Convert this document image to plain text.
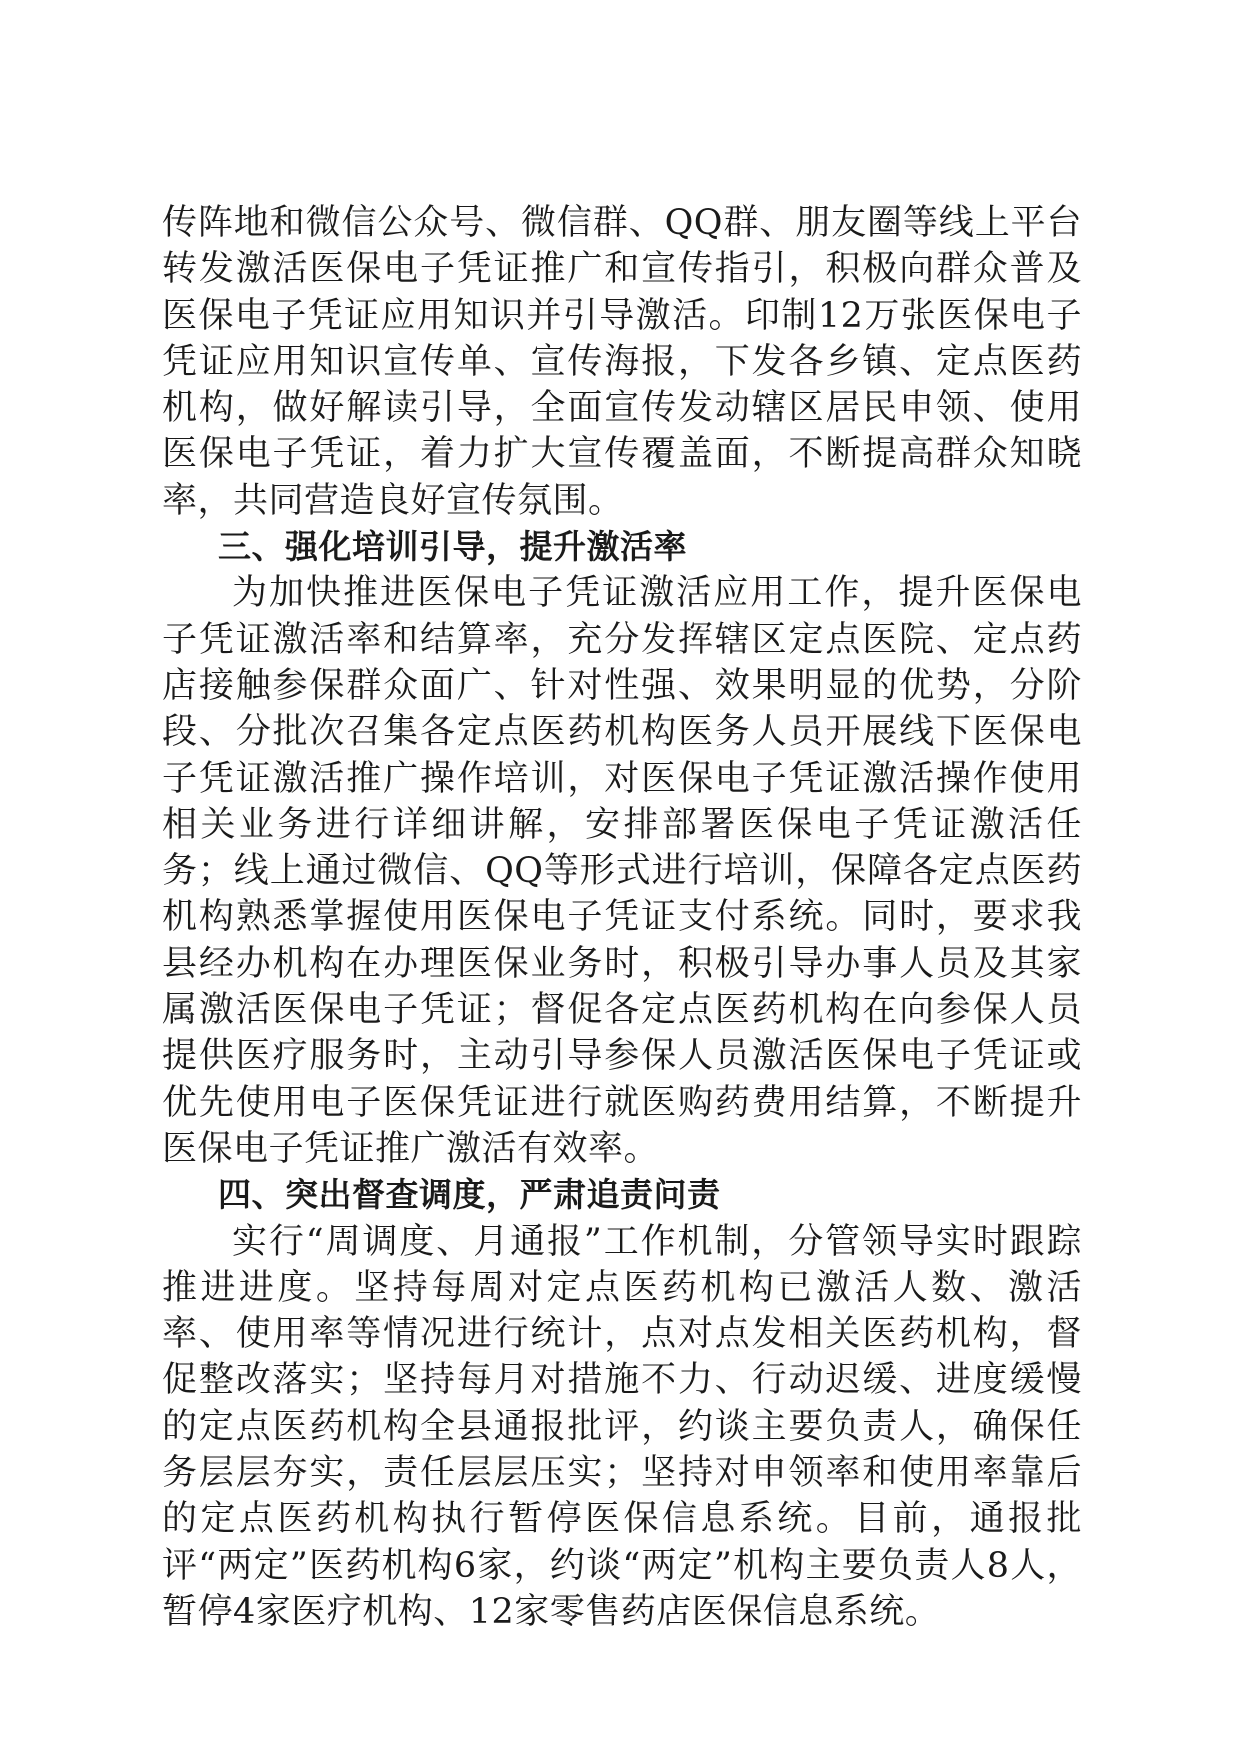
传阵地和微信公众号、微信群、QQ群、朋友圈等线上平台转发激活医保电子凭证推广和宣传指引，积极向群众普及医保电子凭证应用知识并引导激活。印制12万张医保电子凭证应用知识宣传单、宣传海报，下发各乡镇、定点医药机构，做好解读引导，全面宣传发动辖区居民申领、使用医保电子凭证，着力扩大宣传覆盖面，不断提高群众知晓率，共同营造良好宣传氛围。

三、强化培训引导，提升激活率

为加快推进医保电子凭证激活应用工作，提升医保电子凭证激活率和结算率，充分发挥辖区定点医院、定点药店接触参保群众面广、针对性强、效果明显的优势，分阶段、分批次召集各定点医药机构医务人员开展线下医保电子凭证激活推广操作培训，对医保电子凭证激活操作使用相关业务进行详细讲解，安排部署医保电子凭证激活任务；线上通过微信、QQ等形式进行培训，保障各定点医药机构熟悉掌握使用医保电子凭证支付系统。同时，要求我县经办机构在办理医保业务时，积极引导办事人员及其家属激活医保电子凭证；督促各定点医药机构在向参保人员提供医疗服务时，主动引导参保人员激活医保电子凭证或优先使用电子医保凭证进行就医购药费用结算，不断提升医保电子凭证推广激活有效率。

四、突出督查调度，严肃追责问责

实行“周调度、月通报”工作机制，分管领导实时跟踪推进进度。坚持每周对定点医药机构已激活人数、激活率、使用率等情况进行统计，点对点发相关医药机构，督促整改落实；坚持每月对措施不力、行动迟缓、进度缓慢的定点医药机构全县通报批评，约谈主要负责人，确保任务层层夯实，责任层层压实；坚持对申领率和使用率靠后的定点医药机构执行暂停医保信息系统。目前，通报批评“两定”医药机构6家，约谈“两定”机构主要负责人8人，暂停4家医疗机构、12家零售药店医保信息系统。
